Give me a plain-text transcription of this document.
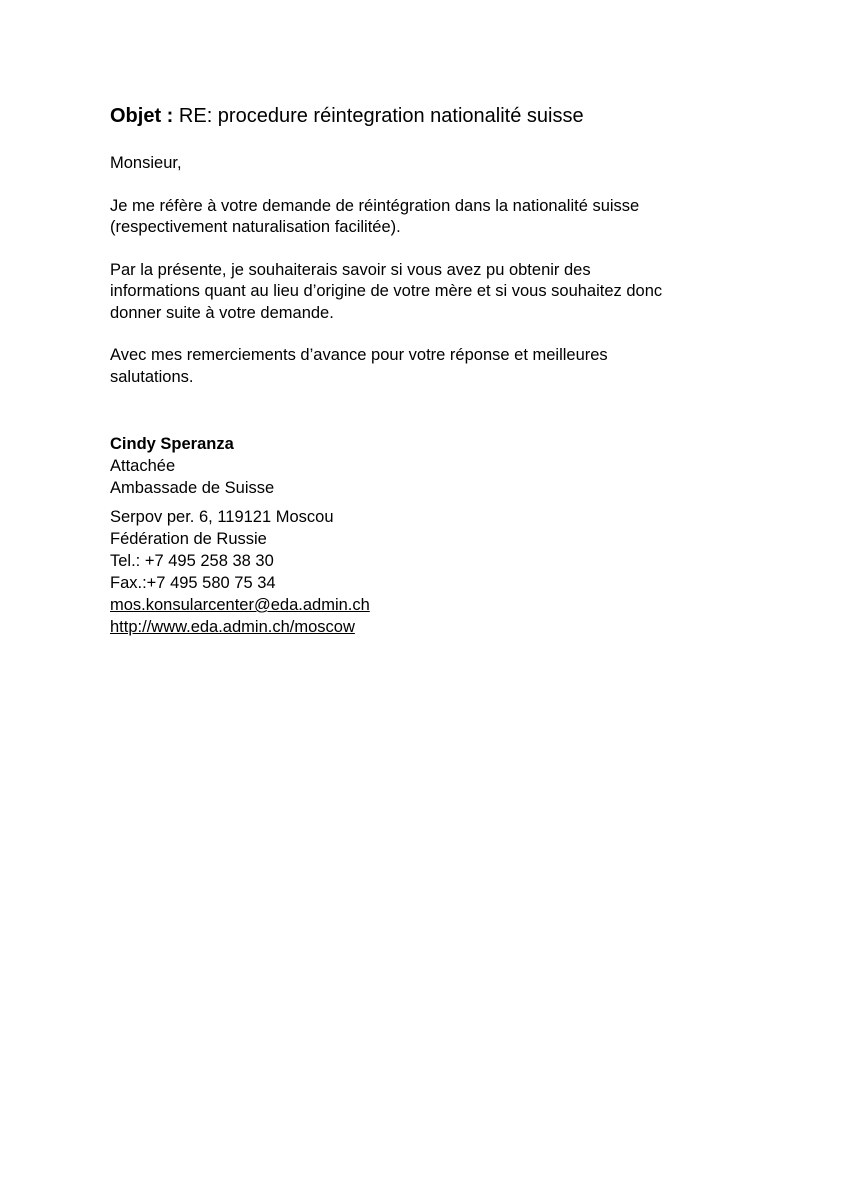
Objet : RE: procedure réintegration nationalité suisse

Monsieur,

Je me réfère à votre demande de réintégration dans la nationalité suisse
(respectivement naturalisation facilitée).

Par la présente, je souhaiterais savoir si vous avez pu obtenir des
informations quant au lieu d’origine de votre mère et si vous souhaitez donc
donner suite à votre demande.

Avec mes remerciements d’avance pour votre réponse et meilleures
salutations.

Cindy Speranza
Attachée
Ambassade de Suisse
Serpov per. 6, 119121 Moscou
Fédération de Russie
Tel.: +7 495 258 38 30
Fax.:+7 495 580 75 34
mos.konsularcenter@eda.admin.ch
http://www.eda.admin.ch/moscow
